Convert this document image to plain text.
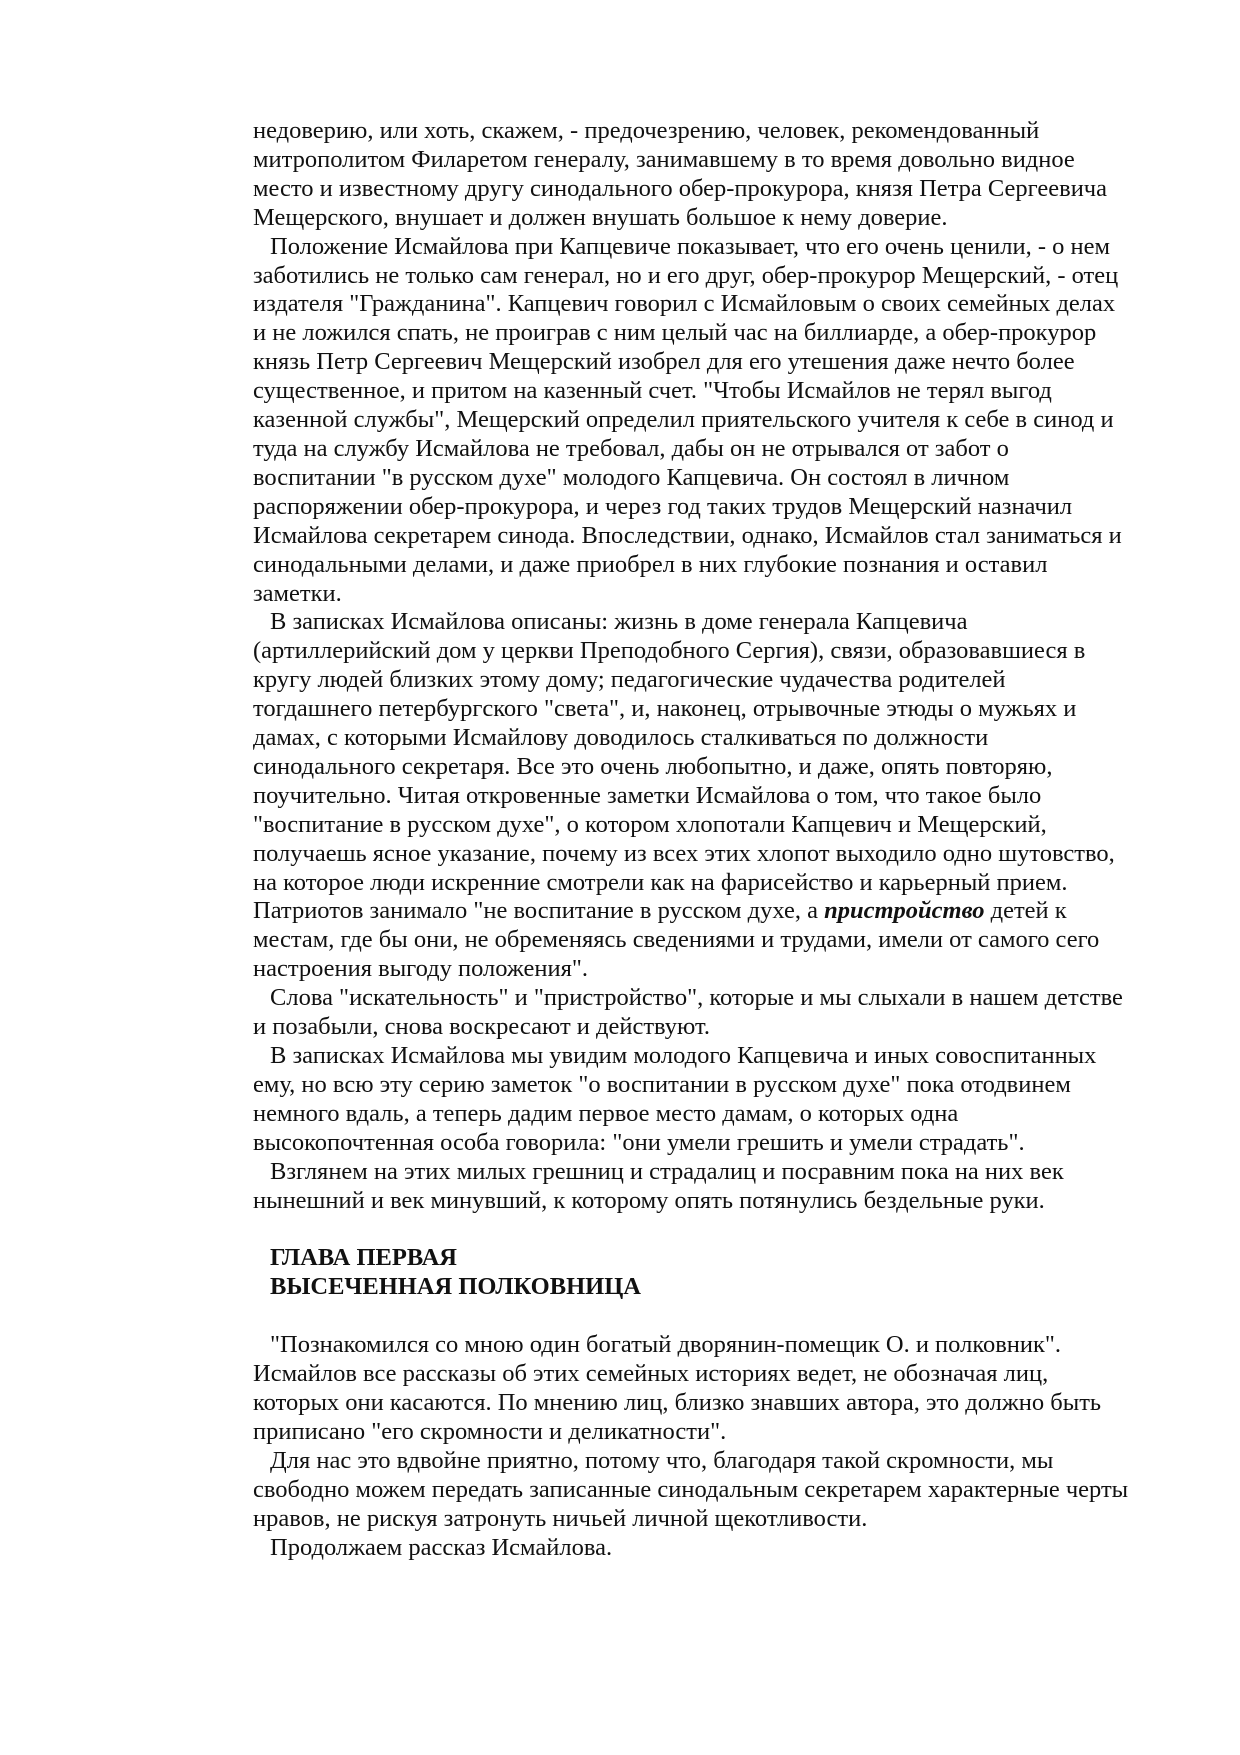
недоверию, или хоть, скажем, - предочезрению, человек, рекомендованный
митрополитом Филаретом генералу, занимавшему в то время довольно видное
место и известному другу синодального обер-прокурора, князя Петра Сергеевича
Мещерского, внушает и должен внушать большое к нему доверие.

Положение Исмайлова при Капцевиче показывает, что его очень ценили, - о нем
заботились не только сам генерал, но и его друг, обер-прокурор Мещерский, - отец
издателя "Гражданина". Капцевич говорил с Исмайловым о своих семейных делах
и не ложился спать, не проиграв с ним целый час на биллиарде, а обер-прокурор
князь Петр Сергеевич Мещерский изобрел для его утешения даже нечто более
существенное, и притом на казенный счет. "Чтобы Исмайлов не терял выгод
казенной службы", Мещерский определил приятельского учителя к себе в синод и
туда на службу Исмайлова не требовал, дабы он не отрывался от забот о
воспитании "в русском духе" молодого Капцевича. Он состоял в личном
распоряжении обер-прокурора, и через год таких трудов Мещерский назначил
Исмайлова секретарем синода. Впоследствии, однако, Исмайлов стал заниматься и
синодальными делами, и даже приобрел в них глубокие познания и оставил
заметки.

В записках Исмайлова описаны: жизнь в доме генерала Капцевича
(артиллерийский дом у церкви Преподобного Сергия), связи, образовавшиеся в
кругу людей близких этому дому; педагогические чудачества родителей
тогдашнего петербургского "света", и, наконец, отрывочные этюды о мужьях и
дамах, с которыми Исмайлову доводилось сталкиваться по должности
синодального секретаря. Все это очень любопытно, и даже, опять повторяю,
поучительно. Читая откровенные заметки Исмайлова о том, что такое было
"воспитание в русском духе", о котором хлопотали Капцевич и Мещерский,
получаешь ясное указание, почему из всех этих хлопот выходило одно шутовство,
на которое люди искренние смотрели как на фарисейство и карьерный прием.
Патриотов занимало "не воспитание в русском духе, а пристройство детей к
местам, где бы они, не обременяясь сведениями и трудами, имели от самого сего
настроения выгоду положения".

Слова "искательность" и "пристройство", которые и мы слыхали в нашем детстве
и позабыли, снова воскресают и действуют.

В записках Исмайлова мы увидим молодого Капцевича и иных совоспитанных
ему, но всю эту серию заметок "о воспитании в русском духе" пока отодвинем
немного вдаль, а теперь дадим первое место дамам, о которых одна
высокопочтенная особа говорила: "они умели грешить и умели страдать".

Взглянем на этих милых грешниц и страдалиц и посравним пока на них век
нынешний и век минувший, к которому опять потянулись бездельные руки.

ГЛАВА ПЕРВАЯ

ВЫСЕЧЕННАЯ ПОЛКОВНИЦА

"Познакомился со мною один богатый дворянин-помещик О. и полковник".
Исмайлов все рассказы об этих семейных историях ведет, не обозначая лиц,
которых они касаются. По мнению лиц, близко знавших автора, это должно быть
приписано "его скромности и деликатности".

Для нас это вдвойне приятно, потому что, благодаря такой скромности, мы
свободно можем передать записанные синодальным секретарем характерные черты
нравов, не рискуя затронуть ничьей личной щекотливости.

Продолжаем рассказ Исмайлова.
